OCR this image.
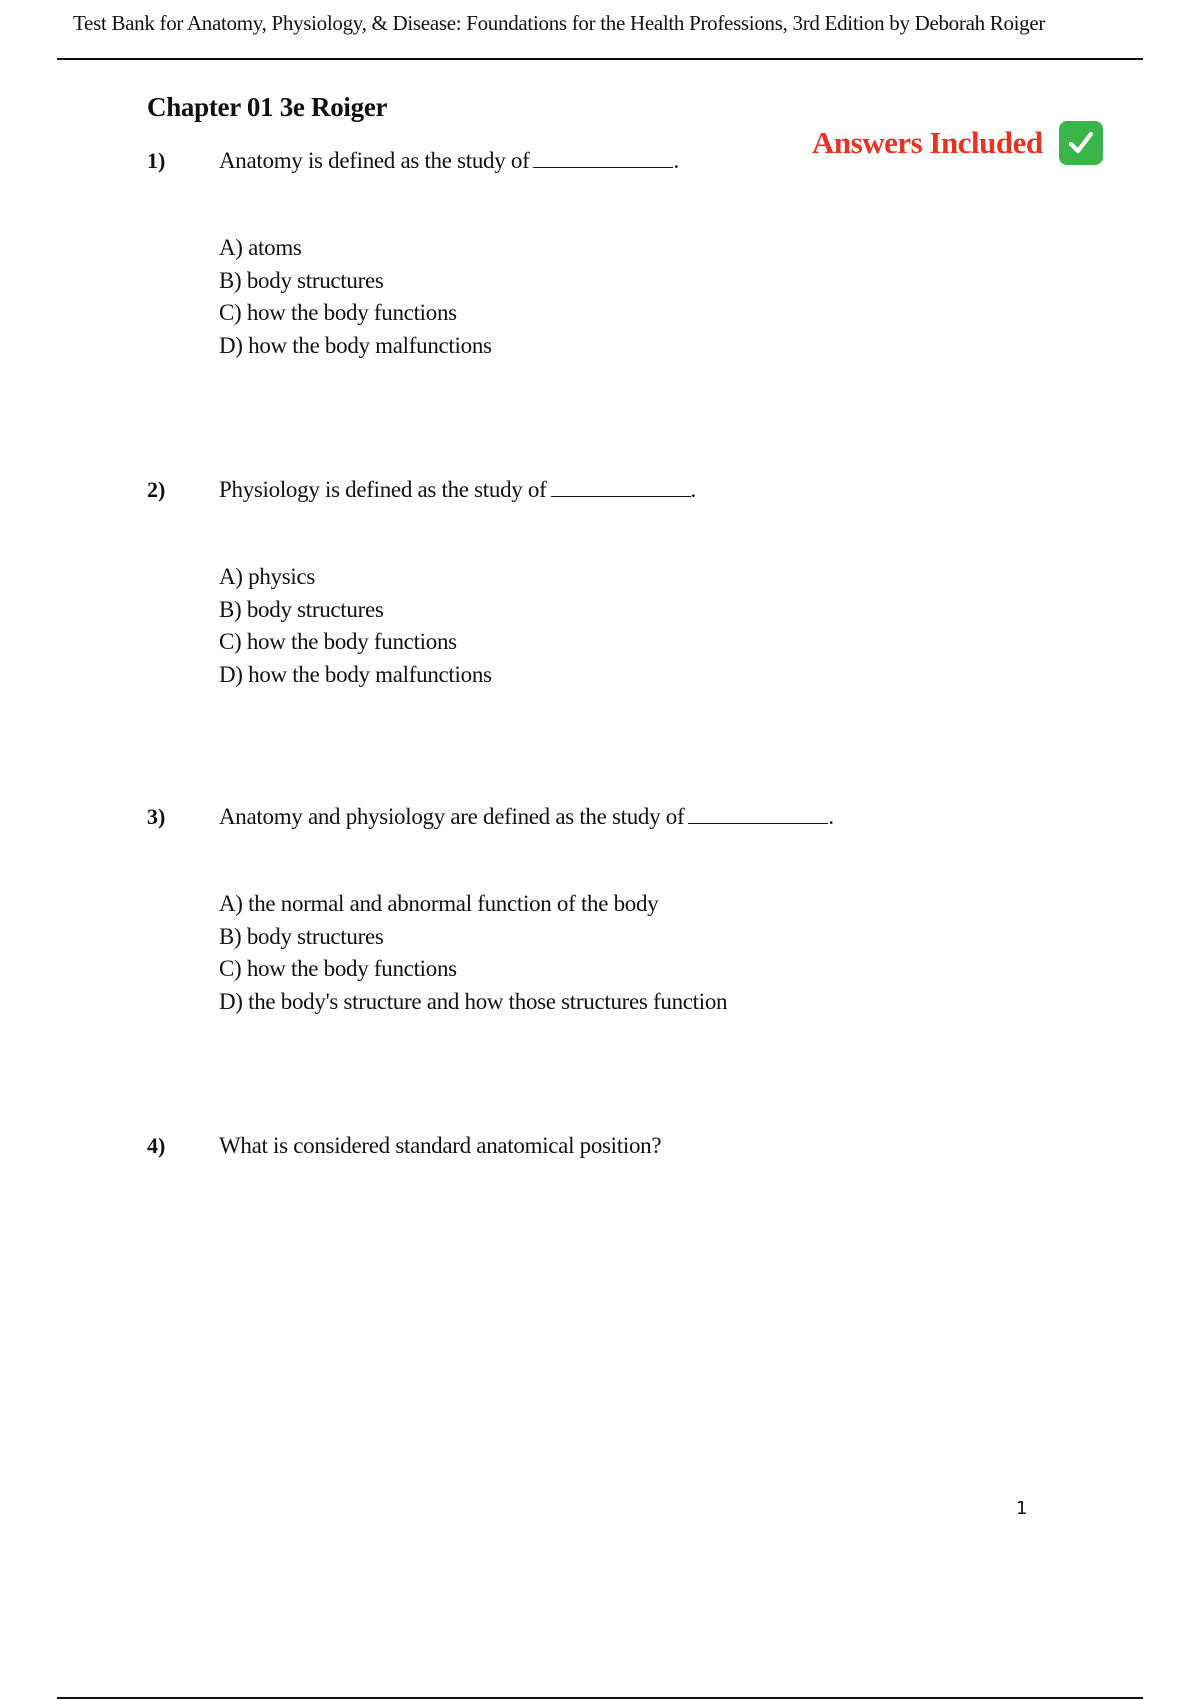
Test Bank for Anatomy, Physiology, & Disease: Foundations for the Health Professions, 3rd Edition by Deborah Roiger
Chapter 01 3e Roiger
Answers Included
1) Anatomy is defined as the study of	.
A) atoms
B) body structures
C) how the body functions
D) how the body malfunctions
2) Physiology is defined as the study of	.
A) physics
B) body structures
C) how the body functions
D) how the body malfunctions
3) Anatomy and physiology are defined as the study of	.
A) the normal and abnormal function of the body
B) body structures
C) how the body functions
D) the body's structure and how those structures function
4) What is considered standard anatomical position?
1
